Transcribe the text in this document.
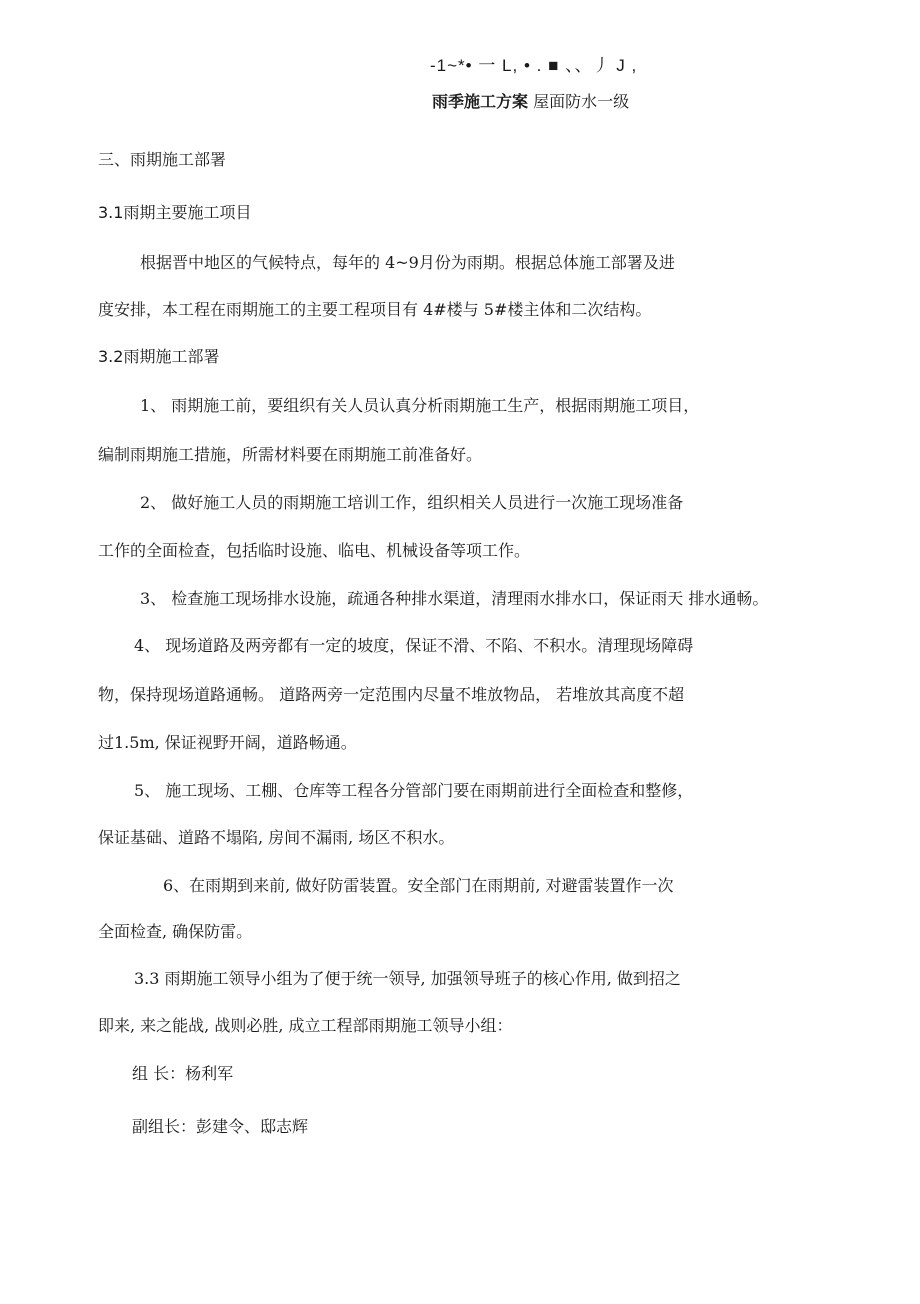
-1~*• 一 L, • . ■ 、、丿 J ,
雨季施工方案 屋面防水一级
三、雨期施工部署
3.1雨期主要施工项目
根据晋中地区的气候特点，每年的 4~9月份为雨期。根据总体施工部署及进
度安排，本工程在雨期施工的主要工程项目有 4#楼与 5#楼主体和二次结构。
3.2雨期施工部署
1、 雨期施工前，要组织有关人员认真分析雨期施工生产，根据雨期施工项目，
编制雨期施工措施，所需材料要在雨期施工前准备好。
2、 做好施工人员的雨期施工培训工作，组织相关人员进行一次施工现场准备
工作的全面检查，包括临时设施、临电、机械设备等项工作。
3、 检查施工现场排水设施，疏通各种排水渠道，清理雨水排水口，保证雨天 排水通畅。
4、 现场道路及两旁都有一定的坡度，保证不滑、不陷、不积水。清理现场障碍
物，保持现场道路通畅。 道路两旁一定范围内尽量不堆放物品， 若堆放其高度不超
过1.5m, 保证视野开阔，道路畅通。
5、 施工现场、工棚、仓库等工程各分管部门要在雨期前进行全面检查和整修，
保证基础、道路不塌陷, 房间不漏雨, 场区不积水。
6、在雨期到来前, 做好防雷装置。安全部门在雨期前, 对避雷装置作一次
全面检查, 确保防雷。
3.3 雨期施工领导小组为了便于统一领导, 加强领导班子的核心作用, 做到招之
即来, 来之能战, 战则必胜, 成立工程部雨期施工领导小组：
组 长：杨利军
副组长：彭建令、邸志辉
